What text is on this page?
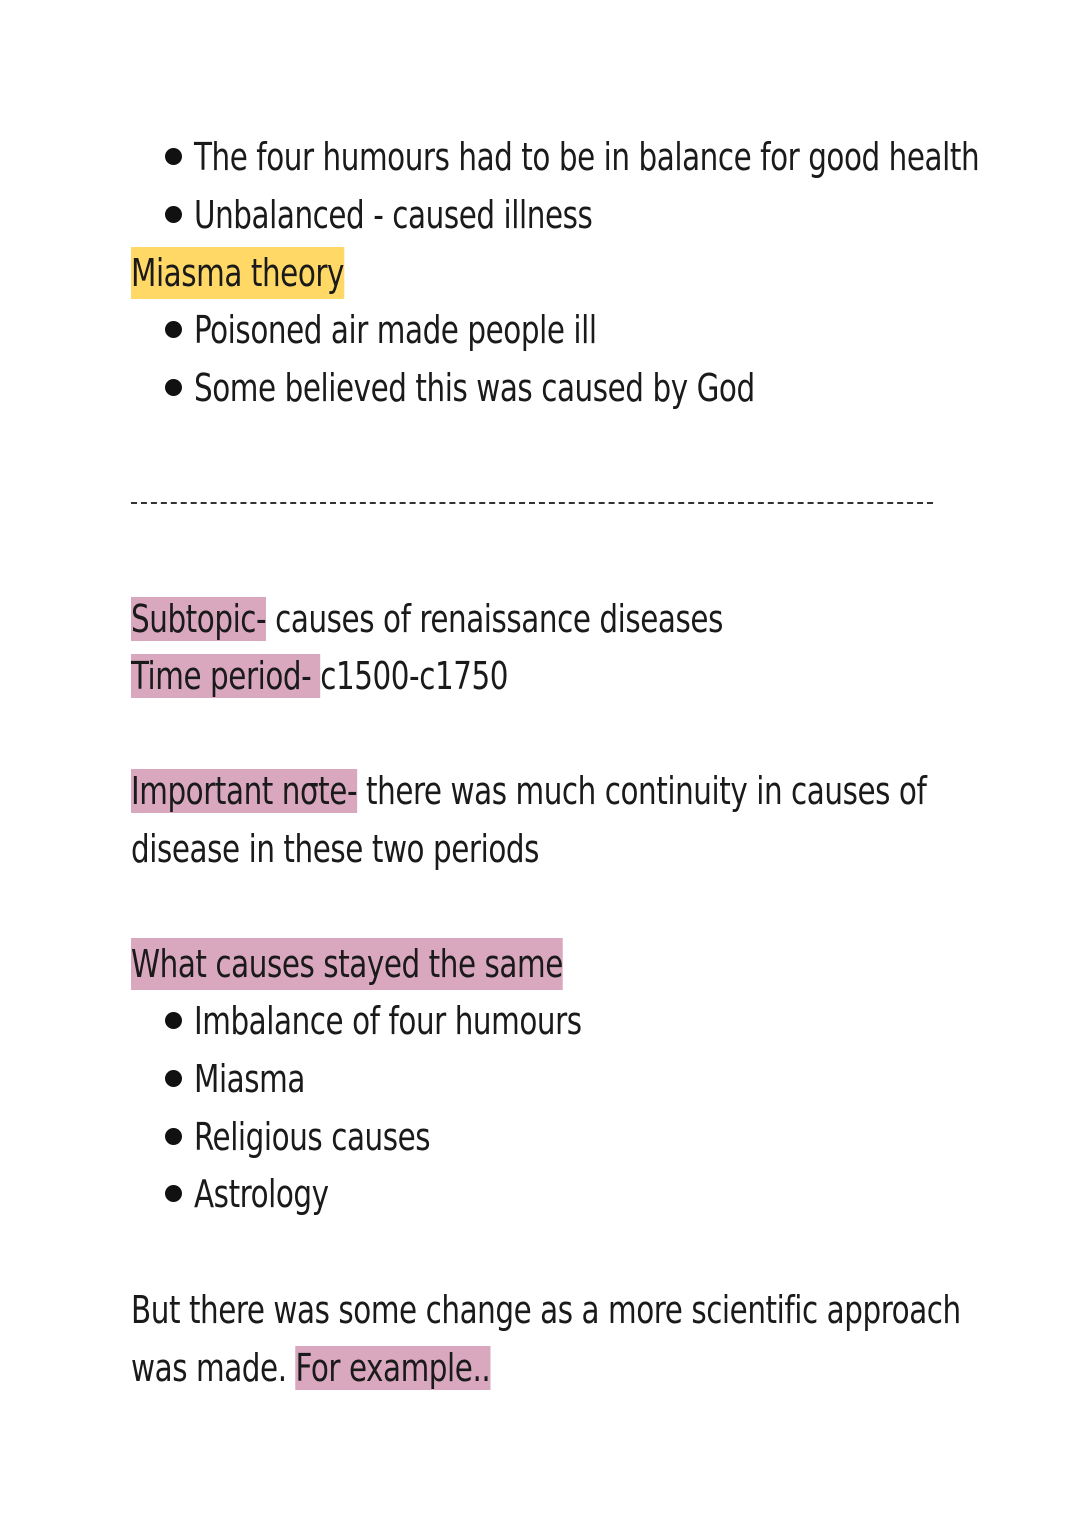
The four humours had to be in balance for good health
Unbalanced - caused illness
Miasma theory
Poisoned air made people ill
Some believed this was caused by God
Subtopic- causes of renaissance diseases
Time period- c1500-c1750
Important nσte- there was much continuity in causes of
disease in these two periods
What causes stayed the same
Imbalance of four humours
Miasma
Religious causes
Astrology
But there was some change as a more scientific approach
was made. For example..
